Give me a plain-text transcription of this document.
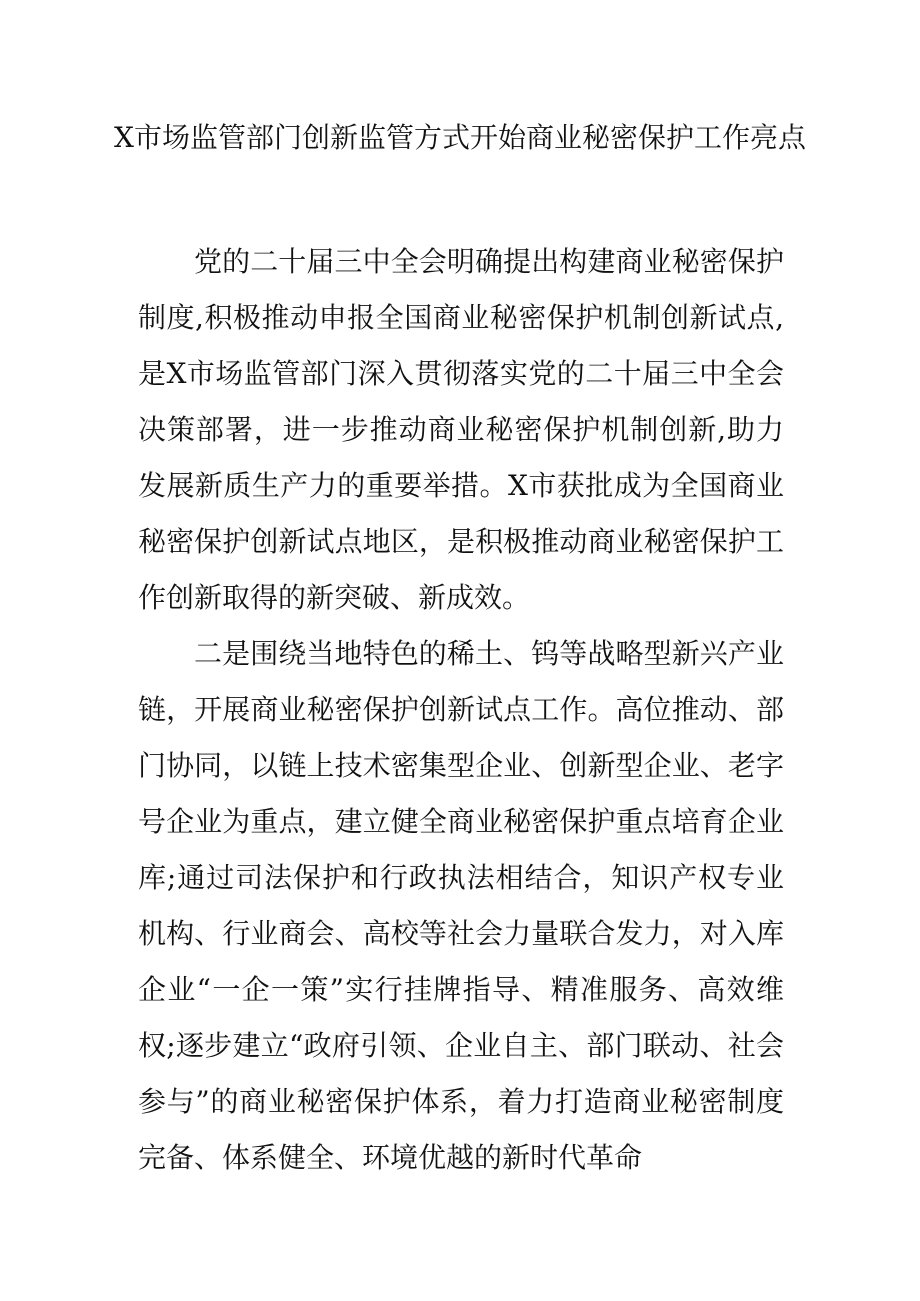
X市场监管部门创新监管方式开始商业秘密保护工作亮点

党的二十届三中全会明确提出构建商业秘密保护制度,积极推动申报全国商业秘密保护机制创新试点,是X市场监管部门深入贯彻落实党的二十届三中全会决策部署，进一步推动商业秘密保护机制创新,助力发展新质生产力的重要举措。X市获批成为全国商业秘密保护创新试点地区，是积极推动商业秘密保护工作创新取得的新突破、新成效。

二是围绕当地特色的稀土、钨等战略型新兴产业链，开展商业秘密保护创新试点工作。高位推动、部门协同，以链上技术密集型企业、创新型企业、老字号企业为重点，建立健全商业秘密保护重点培育企业库;通过司法保护和行政执法相结合，知识产权专业机构、行业商会、高校等社会力量联合发力，对入库企业“一企一策”实行挂牌指导、精准服务、高效维权;逐步建立“政府引领、企业自主、部门联动、社会参与”的商业秘密保护体系，着力打造商业秘密制度完备、体系健全、环境优越的新时代革命
